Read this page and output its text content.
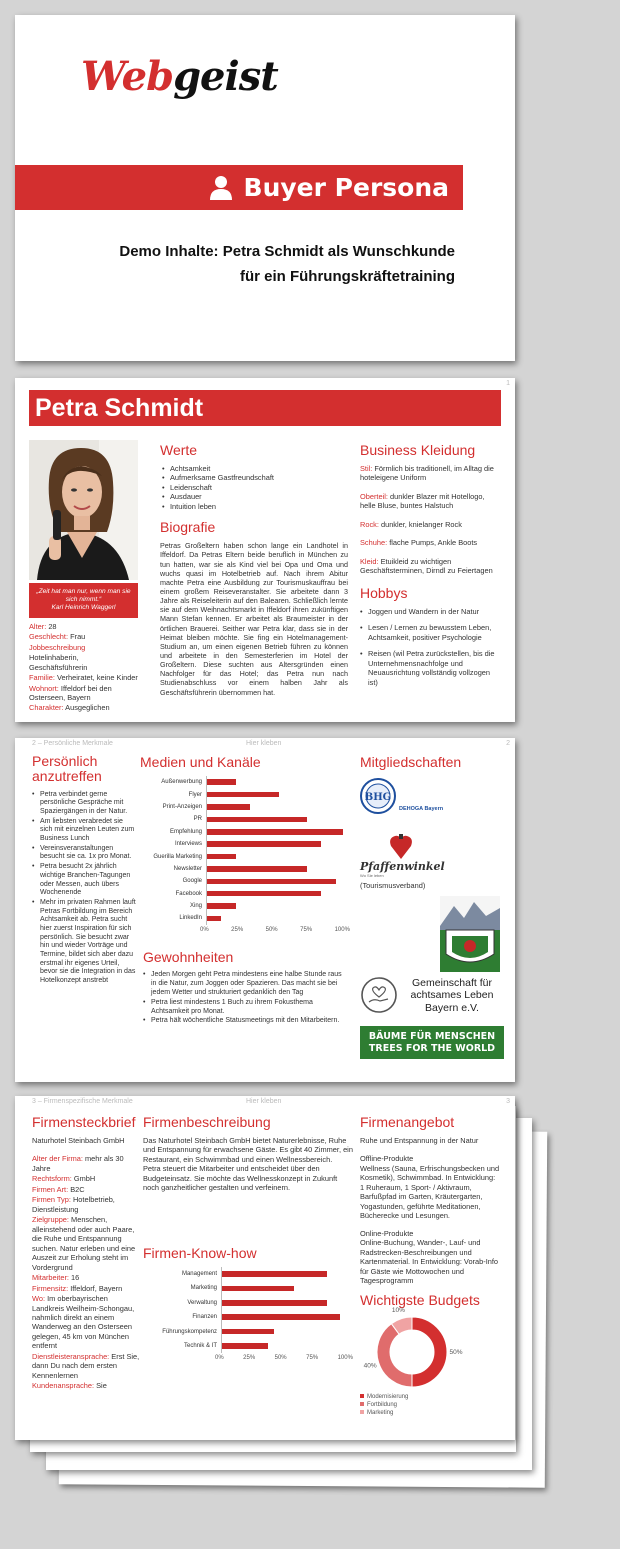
Webgeist
Buyer Persona
Demo Inhalte: Petra Schmidt als Wunschkunde
für ein Führungskräftetraining
1
Petra Schmidt
„Zeit hat man nur, wenn man sie sich nimmt.“
Karl Heinrich Waggerl
Alter: 28
Geschlecht: Frau
Jobbeschreibung
Hotelinhaberin, Geschäftsführerin
Familie: Verheiratet, keine Kinder
Wohnort: Iffeldorf bei den Osterseen, Bayern
Charakter: Ausgeglichen
Werte
• Achtsamkeit
• Aufmerksame Gastfreundschaft
• Leidenschaft
• Ausdauer
• Intuition leben
Biografie
Petras Großeltern haben schon lange ein Landhotel in Iffeldorf. Da Petras Eltern beide beruflich in München zu tun hatten, war sie als Kind viel bei Opa und Oma und wuchs quasi im Hotelbetrieb auf. Nach ihrem Abitur machte Petra eine Ausbildung zur Tourismuskauffrau bei einem großem Reiseveranstalter. Sie arbeitete dann 3 Jahre als Reiseleiterin auf den Balearen. Schließlich lernte sie auf dem Weihnachtsmarkt in Iffeldorf ihren zukünftigen Mann Stefan kennen. Er arbeitet als Braumeister in der örtlichen Brauerei. Seither war Petra klar, dass sie in der Heimat bleiben möchte. Sie fing ein Hotelmanagement-Studium an, um einen eigenen Betrieb führen zu können und arbeitete in den Semesterferien im Hotel der Großeltern. Diese suchten aus Altersgründen einen Nachfolger für das Hotel; das Petra nun nach Studienabschluss vor einem halben Jahr als Geschäftsführerin übernommen hat.
Business Kleidung
Stil: Förmlich bis traditionell, im Alltag die hoteleigene Uniform
Oberteil: dunkler Blazer mit Hotellogo, helle Bluse, buntes Halstuch
Rock: dunkler, knielanger Rock
Schuhe: flache Pumps, Ankle Boots
Kleid: Etuikleid zu wichtigen Geschäftsterminen, Dirndl zu Feiertagen
Hobbys
• Joggen und Wandern in der Natur
• Lesen / Lernen zu bewusstem Leben, Achtsamkeit, positiver Psychologie
• Reisen (wil Petra zurückstellen, bis die Unternehmensnachfolge und Neuausrichtung vollständig vollzogen ist)
2 – Persönliche Merkmale	Hier kleben	2
Persönlich anzutreffen
• Petra verbindet gerne persönliche Gespräche mit Spaziergängen in der Natur.
• Am liebsten verabredet sie sich mit einzelnen Leuten zum Business Lunch
• Vereinsveranstaltungen besucht sie ca. 1x pro Monat.
• Petra besucht 2x jährlich wichtige Branchen-Tagungen oder Messen, auch übers Wochenende
• Mehr im privaten Rahmen lauft Petras Fortbildung im Bereich Achtsamkeit ab. Petra sucht hier zuerst Inspiration für sich persönlich. Sie besucht zwar hin und wieder Vorträge und Termine, bildet sich aber dazu erstmal ihr eigenes Urteil, bevor sie die Integration in das Hotelkonzept anstrebt
Medien und Kanäle
Außenwerbung
Flyer
Print-Anzeigen
PR
Empfehlung
Interviews
Guerilla Marketing
Newsletter
Google
Facebook
Xing
LinkedIn
0%	25%	50%	75%	100%
Gewohnheiten
• Jeden Morgen geht Petra mindestens eine halbe Stunde raus in die Natur, zum Joggen oder Spazieren. Das macht sie bei jedem Wetter und strukturiert gedanklich den Tag
• Petra liest mindestens 1 Buch zu ihrem Fokusthema Achtsamkeit pro Monat.
• Petra hält wöchentliche Statusmeetings mit den Mitarbeitern.
Mitgliedschaften
BHG
DEHOGA Bayern
Pfaffenwinkel
Wo Sie leben
(Tourismusverband)
Gemeinschaft für achtsames Leben Bayern e.V.
BÄUME FÜR MENSCHEN
TREES FOR THE WORLD
3 – Firmenspezifische Merkmale	Hier kleben	3
Firmensteckbrief
Naturhotel Steinbach GmbH
Alter der Firma: mehr als 30 Jahre
Rechtsform: GmbH
Firmen Art: B2C
Firmen Typ: Hotelbetrieb, Dienstleistung
Zielgruppe: Menschen, alleinstehend oder auch Paare, die Ruhe und Entspannung suchen. Natur erleben und eine Auszeit zur Erholung steht im Vordergrund
Mitarbeiter: 16
Firmensitz: Iffeldorf, Bayern
Wo: Im oberbayrischen Landkreis Weilheim-Schongau, nahmlich direkt an einem Wanderweg an den Osterseen gelegen, 45 km von München entfernt
Dienstleisteransprache: Erst Sie, dann Du nach dem ersten Kennenlernen
Kundenansprache: Sie
Firmenbeschreibung
Das Naturhotel Steinbach GmbH bietet Naturerlebnisse, Ruhe und Entspannung für erwachsene Gäste. Es gibt 40 Zimmer, ein Restaurant, ein Schwimmbad und einen Wellnessbereich.
Petra steuert die Mitarbeiter und entscheidet über den Budgeteinsatz. Sie möchte das Wellnesskonzept in Zukunft noch ganzheitlicher gestalten und verfeinern.
Firmen-Know-how
Management
Marketing
Verwaltung
Finanzen
Führungskompetenz
Technik & IT
0%	25%	50%	75%	100%
Firmenangebot
Ruhe und Entspannung in der Natur
Offline-Produkte
Wellness (Sauna, Erfrischungsbecken und Kosmetik), Schwimmbad. In Entwicklung: 1 Ruheraum, 1 Sport- / Aktivraum, Barfußpfad im Garten, Kräutergarten, Yogastunden, geführte Meditationen, Bücherecke und Lesungen.
Online-Produkte
Online-Buchung, Wander-, Lauf- und Radstrecken-Beschreibungen und Kartenmaterial. In Entwicklung: Vorab-Info für Gäste wie Mottowochen und Tagesprogramm
Wichtigste Budgets
50%
40%
10%
Modernisierung
Fortbildung
Marketing
